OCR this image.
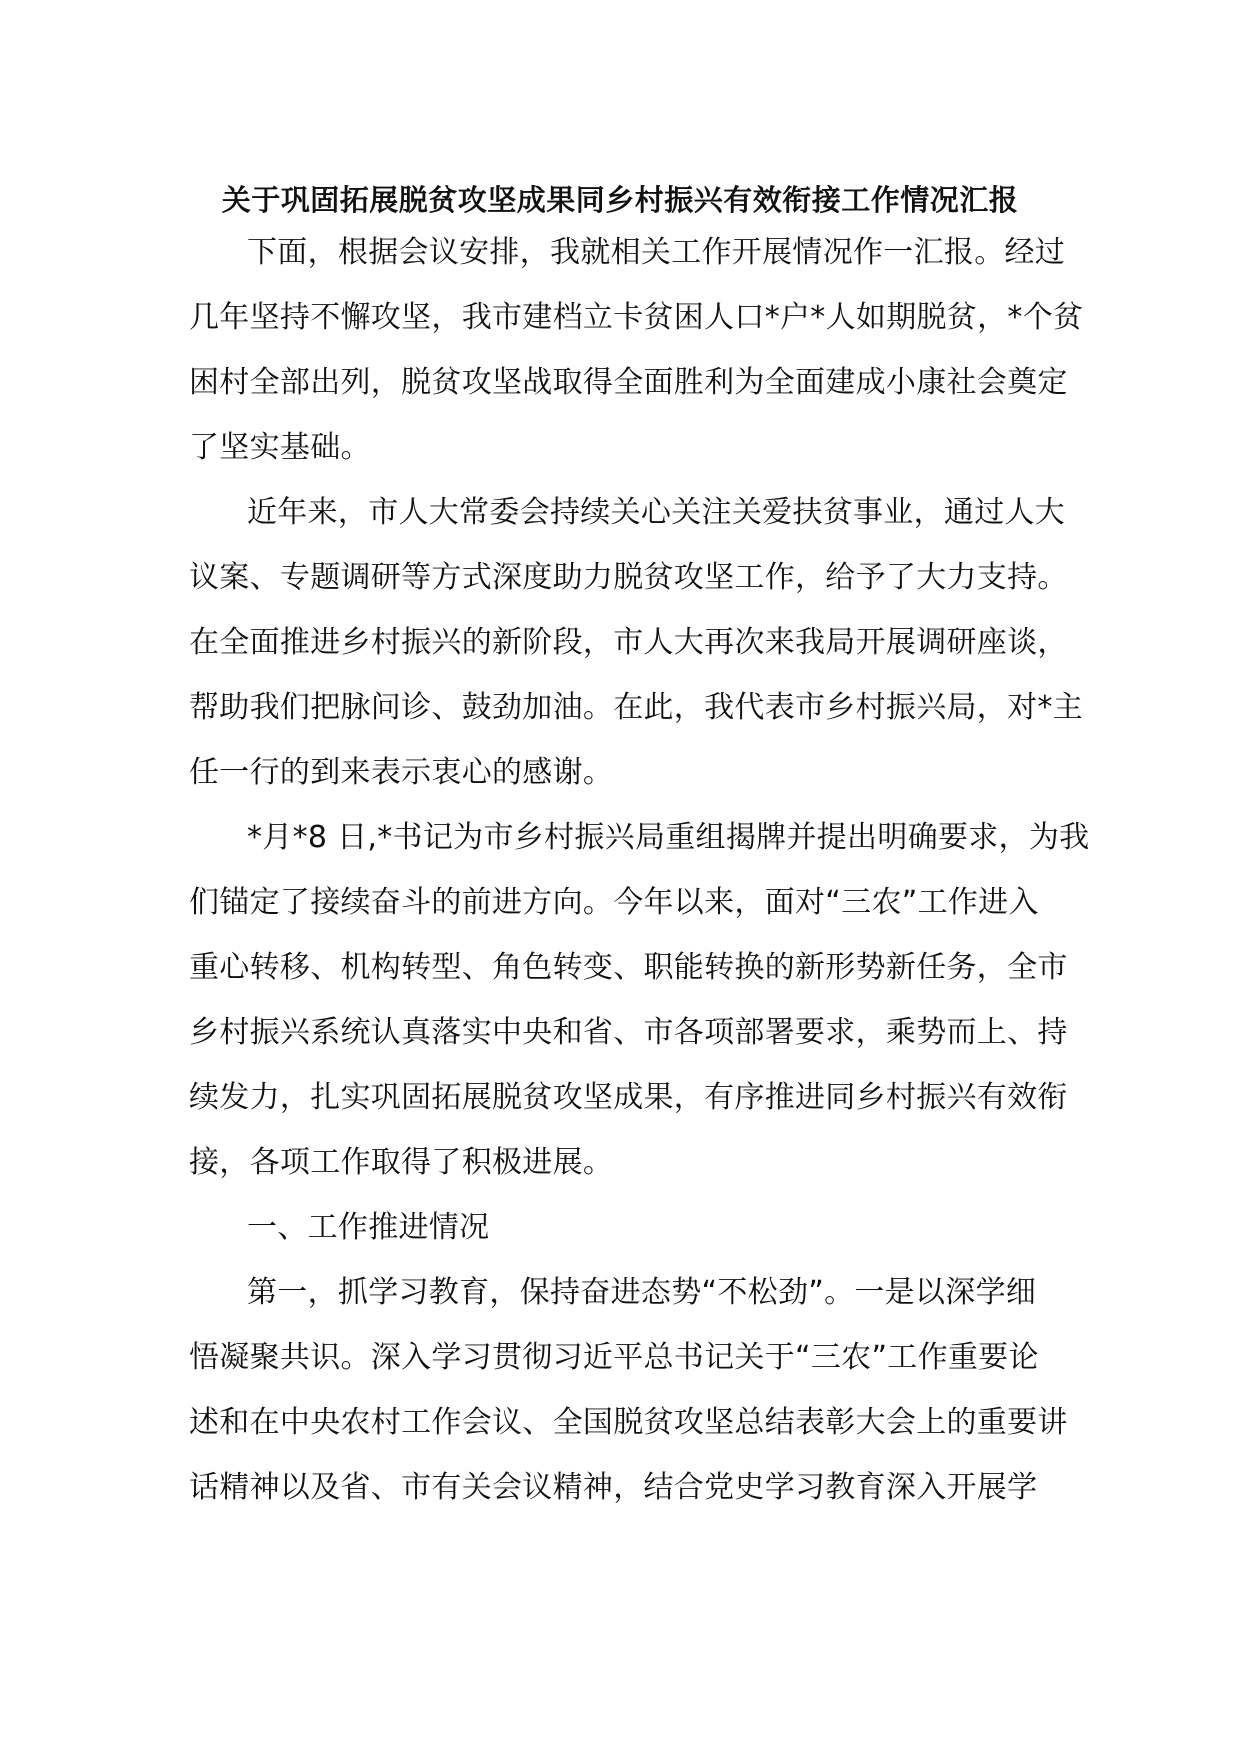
关于巩固拓展脱贫攻坚成果同乡村振兴有效衔接工作情况汇报
下面，根据会议安排，我就相关工作开展情况作一汇报。经过
几年坚持不懈攻坚，我市建档立卡贫困人口*户*人如期脱贫，*个贫
困村全部出列，脱贫攻坚战取得全面胜利为全面建成小康社会奠定
了坚实基础。
近年来，市人大常委会持续关心关注关爱扶贫事业，通过人大
议案、专题调研等方式深度助力脱贫攻坚工作，给予了大力支持。
在全面推进乡村振兴的新阶段，市人大再次来我局开展调研座谈，
帮助我们把脉问诊、鼓劲加油。在此，我代表市乡村振兴局，对*主
任一行的到来表示衷心的感谢。
*月*8 日,*书记为市乡村振兴局重组揭牌并提出明确要求，为我
们锚定了接续奋斗的前进方向。今年以来，面对“三农”工作进入
重心转移、机构转型、角色转变、职能转换的新形势新任务，全市
乡村振兴系统认真落实中央和省、市各项部署要求，乘势而上、持
续发力，扎实巩固拓展脱贫攻坚成果，有序推进同乡村振兴有效衔
接，各项工作取得了积极进展。
一、工作推进情况
第一，抓学习教育，保持奋进态势“不松劲”。一是以深学细
悟凝聚共识。深入学习贯彻习近平总书记关于“三农”工作重要论
述和在中央农村工作会议、全国脱贫攻坚总结表彰大会上的重要讲
话精神以及省、市有关会议精神，结合党史学习教育深入开展学
